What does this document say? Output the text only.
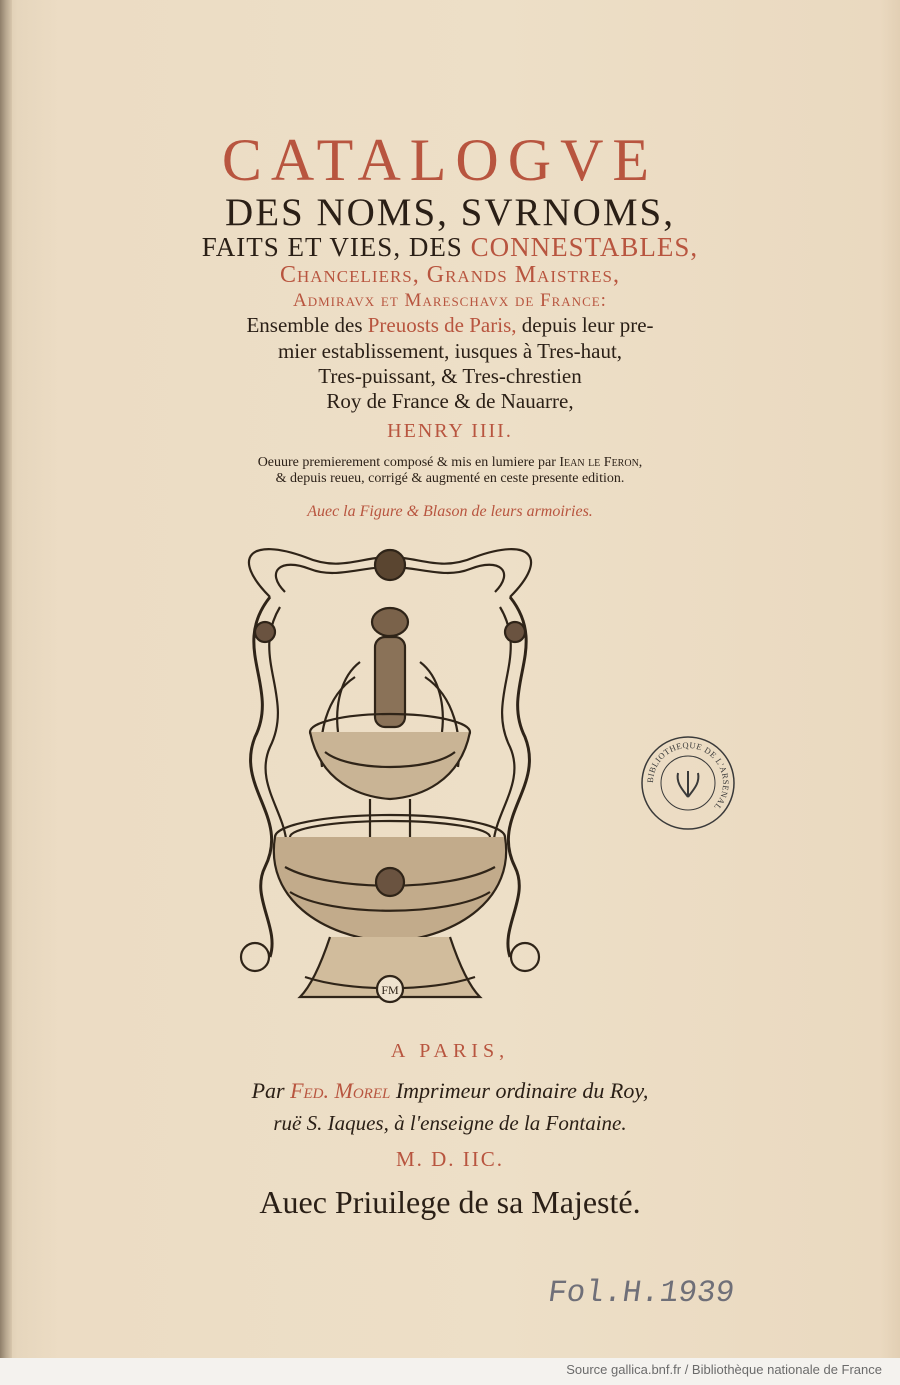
CATALOGVE
DES NOMS, SVRNOMS,
FAITS ET VIES, DES CONNESTABLES,
Chanceliers, Grands Maistres,
Admiravx et Mareschavx de France:
Ensemble des Preuosts de Paris, depuis leur pre-
mier establissement, iusques à Tres-haut,
Tres-puissant, & Tres-chrestien
Roy de France & de Nauarre,
HENRY IIII.
Oeuure premierement composé & mis en lumiere par Iean le Feron,
& depuis reueu, corrigé & augmenté en ceste presente edition.
Auec la Figure & Blason de leurs armoiries.
FM
BIBLIOTHEQUE DE L'ARSENAL
A PARIS,
Par Fed. Morel Imprimeur ordinaire du Roy,
ruë S. Iaques, à l'enseigne de la Fontaine.
M. D. IIC.
Auec Priuilege de sa Majesté.
Fol.H.1939
Source gallica.bnf.fr / Bibliothèque nationale de France
